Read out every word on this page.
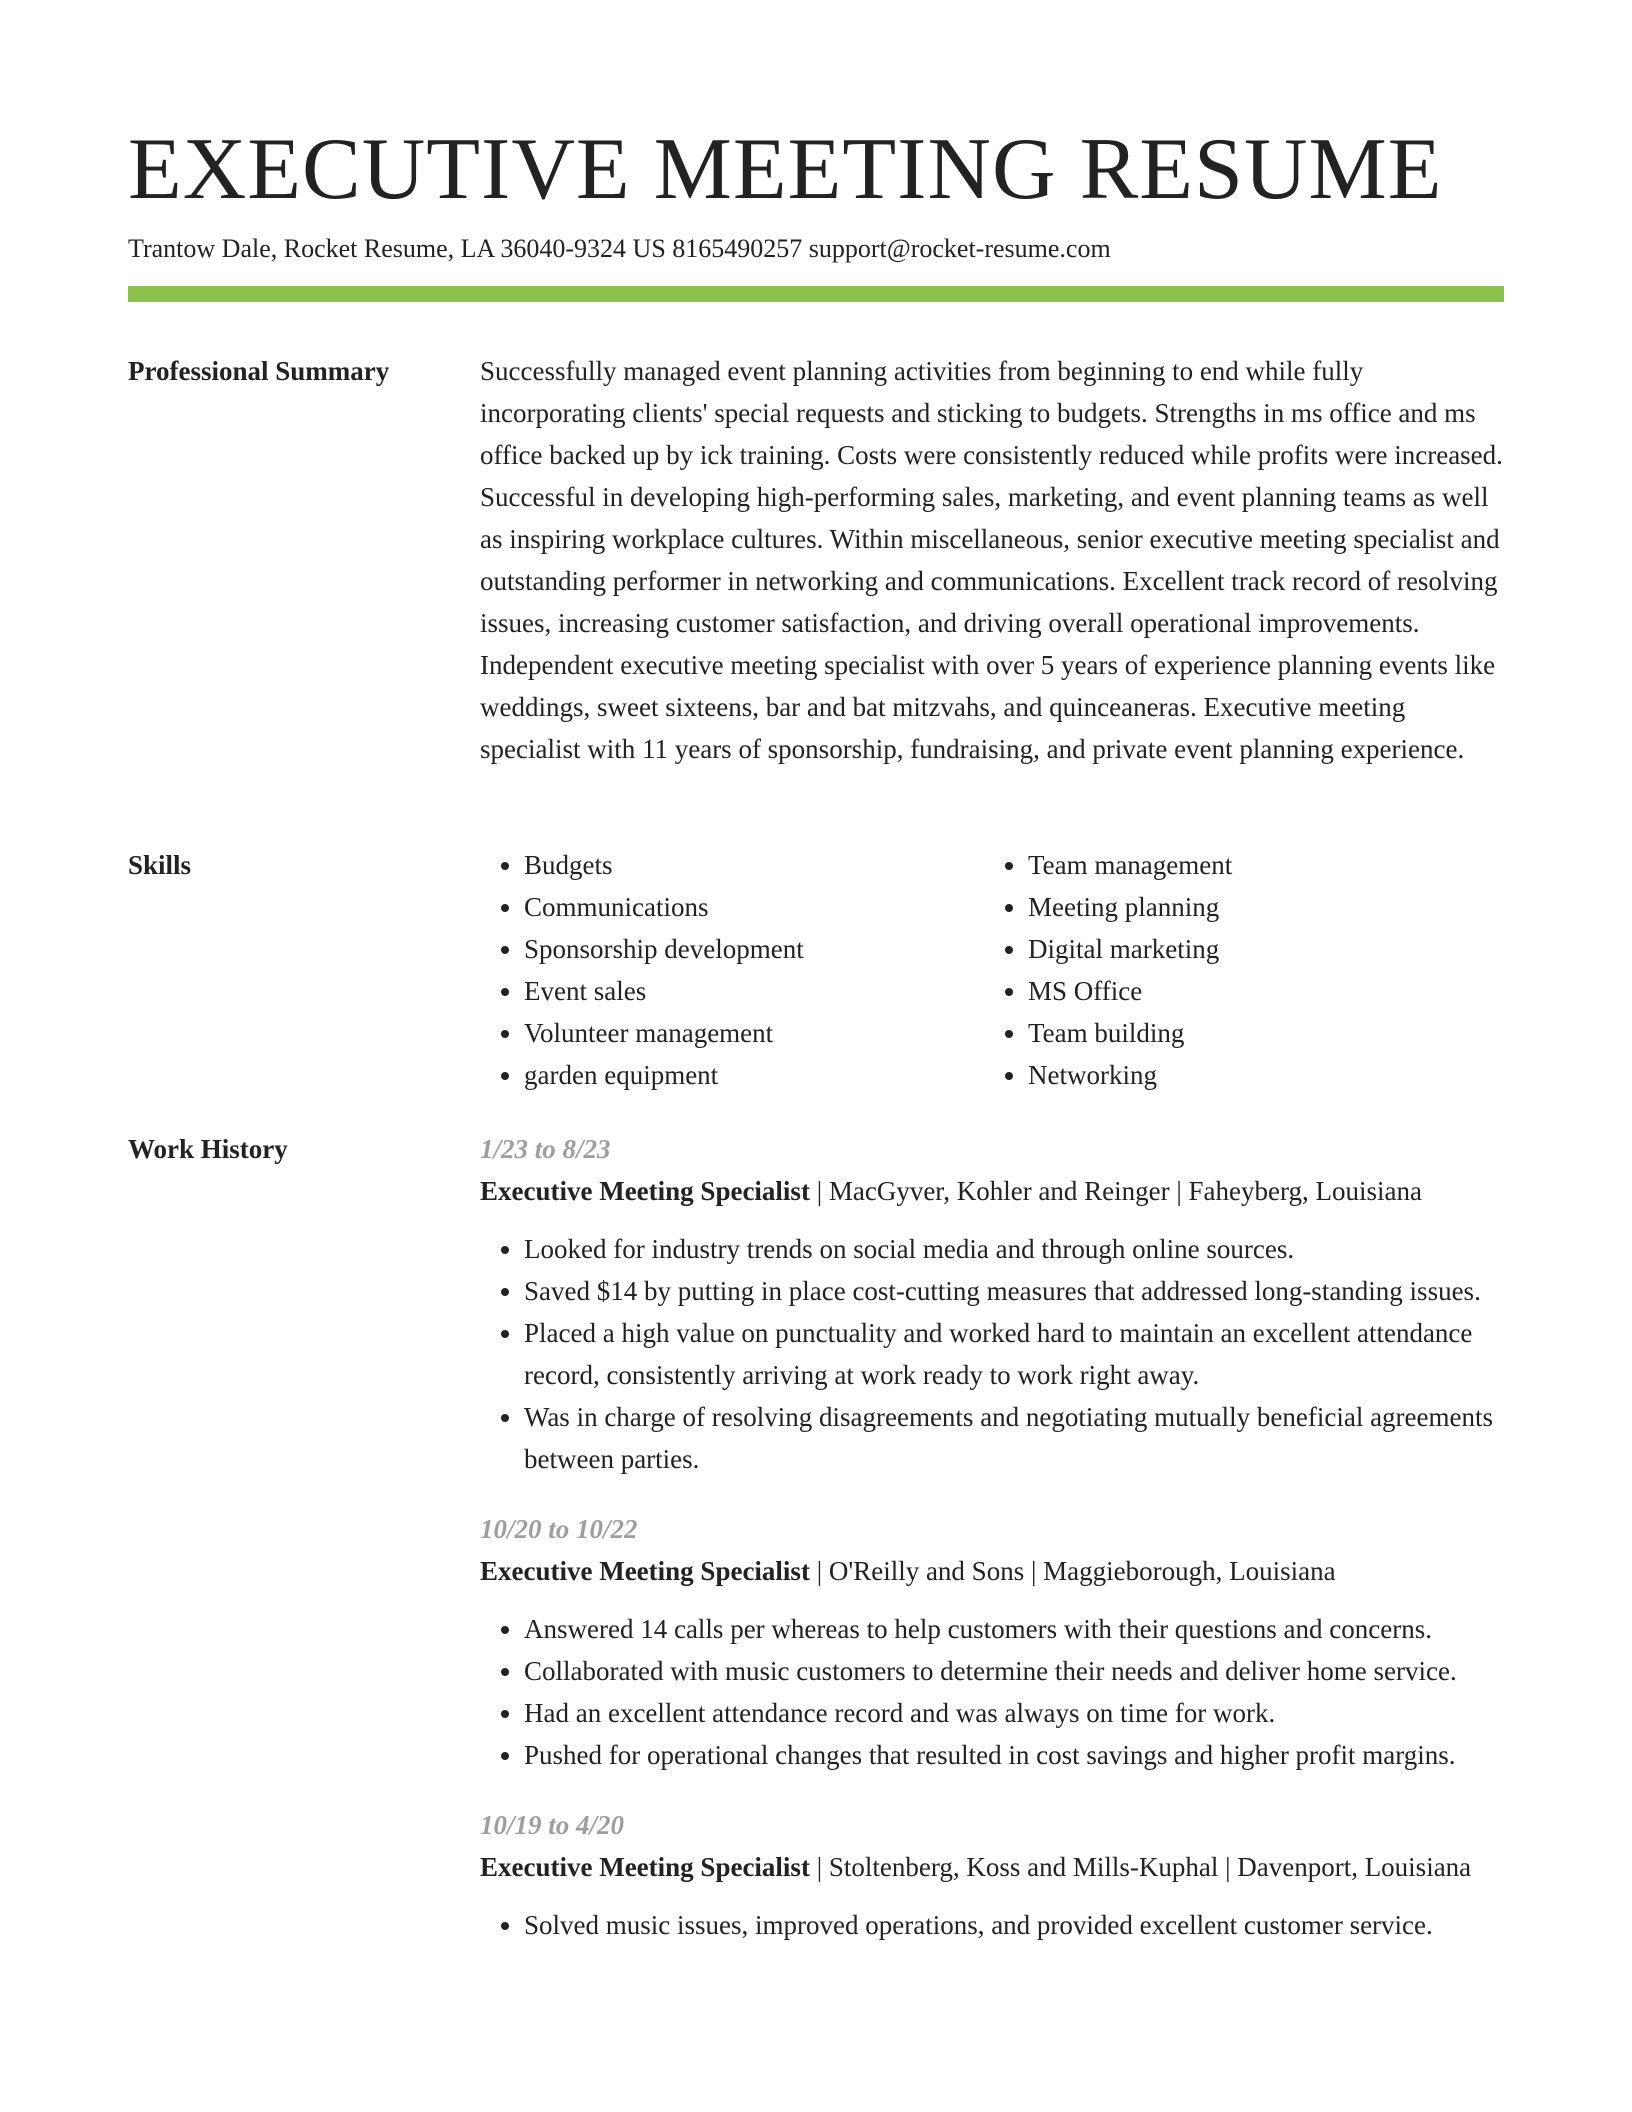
EXECUTIVE MEETING RESUME
Trantow Dale, Rocket Resume, LA 36040-9324 US 8165490257 support@rocket-resume.com
Professional Summary	Successfully managed event planning activities from beginning to end while fully incorporating clients' special requests and sticking to budgets. Strengths in ms office and ms office backed up by ick training. Costs were consistently reduced while profits were increased. Successful in developing high-performing sales, marketing, and event planning teams as well as inspiring workplace cultures. Within miscellaneous, senior executive meeting specialist and outstanding performer in networking and communications. Excellent track record of resolving issues, increasing customer satisfaction, and driving overall operational improvements. Independent executive meeting specialist with over 5 years of experience planning events like weddings, sweet sixteens, bar and bat mitzvahs, and quinceaneras. Executive meeting specialist with 11 years of sponsorship, fundraising, and private event planning experience.

Skills
•	Budgets
• Communications
• Sponsorship development
• Event sales
• Volunteer management
• garden equipment
• Team management
• Meeting planning
• Digital marketing
• MS Office
• Team building
• Networking
Work History	1/23 to 8/23
Executive Meeting Specialist | MacGyver, Kohler and Reinger | Faheyberg, Louisiana
• Looked for industry trends on social media and through online sources.
• Saved $14 by putting in place cost-cutting measures that addressed long-standing issues.
• Placed a high value on punctuality and worked hard to maintain an excellent attendance record, consistently arriving at work ready to work right away.
• Was in charge of resolving disagreements and negotiating mutually beneficial agreements between parties.
10/20 to 10/22
Executive Meeting Specialist | O'Reilly and Sons | Maggieborough, Louisiana
• Answered 14 calls per whereas to help customers with their questions and concerns.
• Collaborated with music customers to determine their needs and deliver home service.
• Had an excellent attendance record and was always on time for work.
• Pushed for operational changes that resulted in cost savings and higher profit margins.
10/19 to 4/20
Executive Meeting Specialist | Stoltenberg, Koss and Mills-Kuphal | Davenport, Louisiana
• Solved music issues, improved operations, and provided excellent customer service.
